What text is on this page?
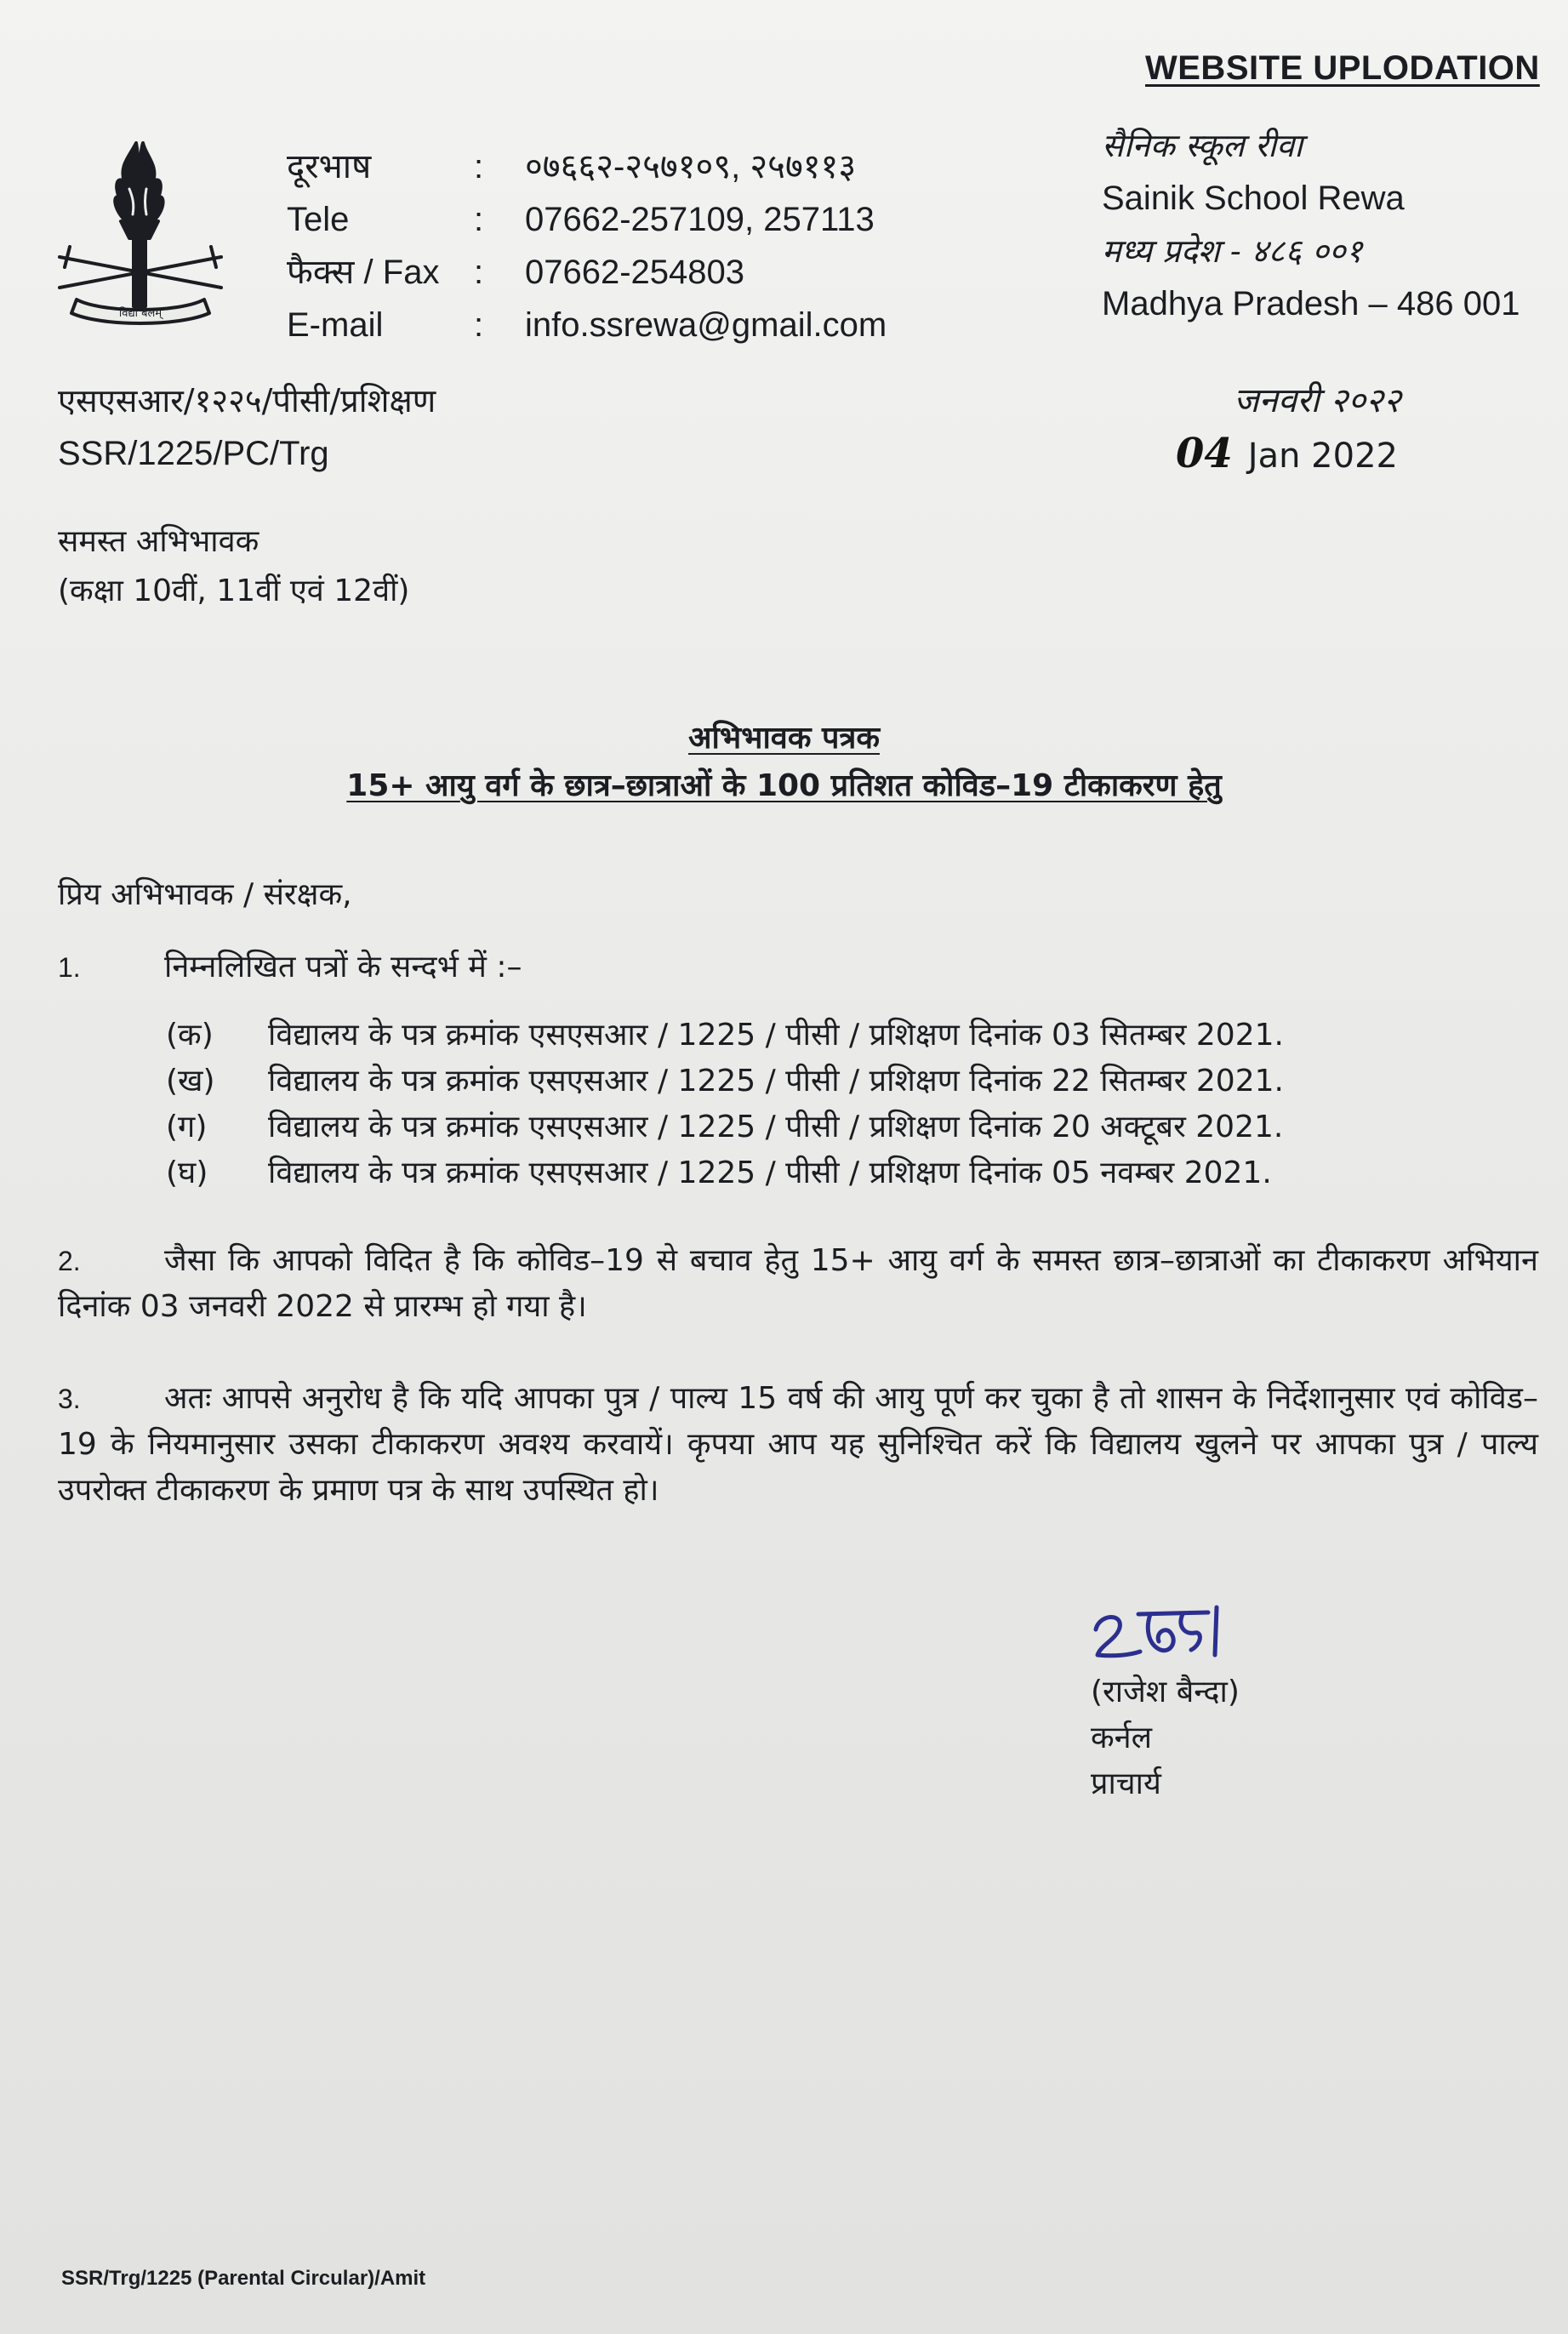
WEBSITE UPLODATION
विद्या बलम्
दूरभाष	:	०७६६२-२५७१०९, २५७११३
Tele	:	07662-257109, 257113
फैक्स / Fax	:	07662-254803
E-mail	:	info.ssrewa@gmail.com
सैनिक स्कूल रीवा
Sainik School Rewa
मध्य प्रदेश - ४८६ ००१
Madhya Pradesh – 486 001
एसएसआर/१२२५/पीसी/प्रशिक्षण
SSR/1225/PC/Trg
जनवरी २०२२
04 Jan 2022
समस्त अभिभावक
(कक्षा 10वीं, 11वीं एवं 12वीं)
अभिभावक पत्रक
15+ आयु वर्ग के छात्र–छात्राओं के 100 प्रतिशत कोविड–19 टीकाकरण हेतु
प्रिय अभिभावक / संरक्षक,
1.	निम्नलिखित पत्रों के सन्दर्भ में :–
(क)	विद्यालय के पत्र क्रमांक एसएसआर / 1225 / पीसी / प्रशिक्षण दिनांक 03 सितम्बर 2021.
(ख)	विद्यालय के पत्र क्रमांक एसएसआर / 1225 / पीसी / प्रशिक्षण दिनांक 22 सितम्बर 2021.
(ग)	विद्यालय के पत्र क्रमांक एसएसआर / 1225 / पीसी / प्रशिक्षण दिनांक 20 अक्टूबर 2021.
(घ)	विद्यालय के पत्र क्रमांक एसएसआर / 1225 / पीसी / प्रशिक्षण दिनांक 05 नवम्बर 2021.
2.	जैसा कि आपको विदित है कि कोविड–19 से बचाव हेतु 15+ आयु वर्ग के समस्त छात्र–छात्राओं का टीकाकरण अभियान दिनांक 03 जनवरी 2022 से प्रारम्भ हो गया है।
3.	अतः आपसे अनुरोध है कि यदि आपका पुत्र / पाल्य 15 वर्ष की आयु पूर्ण कर चुका है तो शासन के निर्देशानुसार एवं कोविड–19 के नियमानुसार उसका टीकाकरण अवश्य करवायें। कृपया आप यह सुनिश्चित करें कि विद्यालय खुलने पर आपका पुत्र / पाल्य उपरोक्त टीकाकरण के प्रमाण पत्र के साथ उपस्थित हो।
(राजेश बैन्दा)
कर्नल
प्राचार्य
SSR/Trg/1225 (Parental Circular)/Amit
